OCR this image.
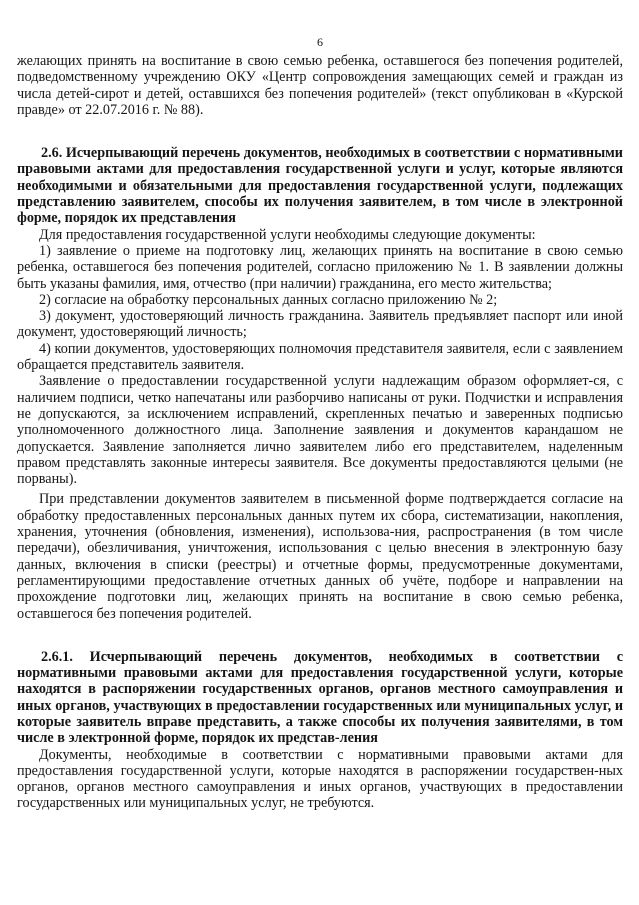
6

желающих принять на воспитание в свою семью ребенка, оставшегося без попечения родителей, подведомственному учреждению ОКУ «Центр сопровождения замещающих семей и граждан из числа детей-сирот и детей, оставшихся без попечения родителей» (текст опубликован в «Курской правде» от 22.07.2016 г. № 88).

2.6. Исчерпывающий перечень документов, необходимых в соответствии с нормативными правовыми актами для предоставления государственной услуги и услуг, которые являются необходимыми и обязательными для предоставления государственной услуги, подлежащих представлению заявителем, способы их получения заявителем, в том числе в электронной форме, порядок их представления

Для предоставления государственной услуги необходимы следующие документы:

1) заявление о приеме на подготовку лиц, желающих принять на воспитание в свою семью ребенка, оставшегося без попечения родителей, согласно приложению № 1. В заявлении должны быть указаны фамилия, имя, отчество (при наличии) гражданина, его место жительства;

2) согласие на обработку персональных данных согласно приложению № 2;

3) документ, удостоверяющий личность гражданина. Заявитель предъявляет паспорт или иной документ, удостоверяющий личность;

4) копии документов, удостоверяющих полномочия представителя заявителя, если с заявлением обращается представитель заявителя.

Заявление о предоставлении государственной услуги надлежащим образом оформляет-ся, с наличием подписи, четко напечатаны или разборчиво написаны от руки. Подчистки и исправления не допускаются, за исключением исправлений, скрепленных печатью и заверенных подписью уполномоченного должностного лица. Заполнение заявления и документов карандашом не допускается. Заявление заполняется лично заявителем либо его представителем, наделенным правом представлять законные интересы заявителя. Все документы предоставляются целыми (не порваны).

При представлении документов заявителем в письменной форме подтверждается согласие на обработку предоставленных персональных данных путем их сбора, систематизации, накопления, хранения, уточнения (обновления, изменения), использова-ния, распространения (в том числе передачи), обезличивания, уничтожения, использования с целью внесения в электронную базу данных, включения в списки (реестры) и отчетные формы, предусмотренные документами, регламентирующими предоставление отчетных данных об учёте, подборе и направлении на прохождение подготовки лиц, желающих принять на воспитание в свою семью ребенка, оставшегося без попечения родителей.

2.6.1. Исчерпывающий перечень документов, необходимых в соответствии с нормативными правовыми актами для предоставления государственной услуги, которые находятся в распоряжении государственных органов, органов местного самоуправления и иных органов, участвующих в предоставлении государственных или муниципальных услуг, и которые заявитель вправе представить, а также способы их получения заявителями, в том числе в электронной форме, порядок их представ-ления

Документы, необходимые в соответствии с нормативными правовыми актами для предоставления государственной услуги, которые находятся в распоряжении государствен-ных органов, органов местного самоуправления и иных органов, участвующих в предоставлении государственных или муниципальных услуг, не требуются.
